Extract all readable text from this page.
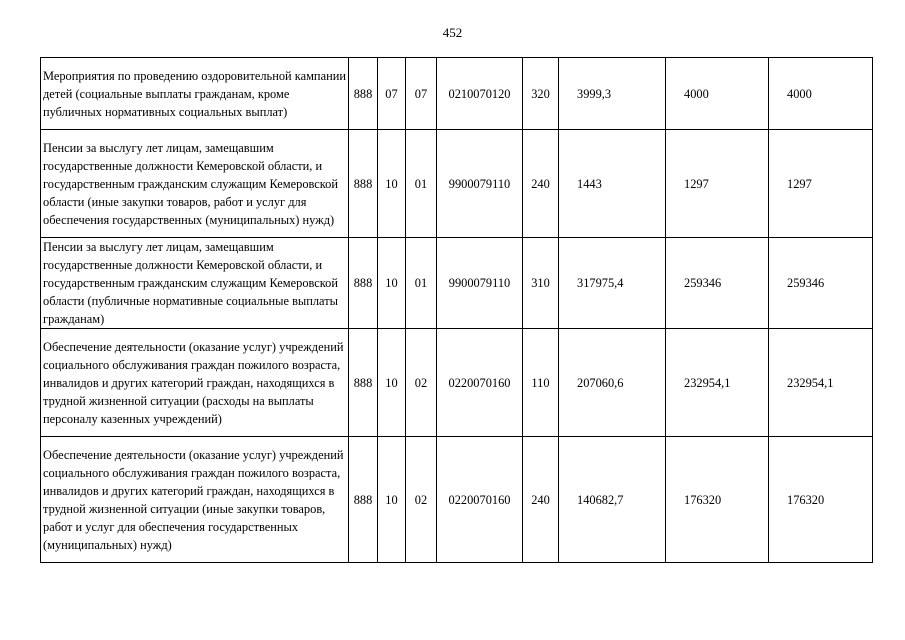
452
Мероприятия по проведению оздоровительной кампании детей (социальные выплаты гражданам, кроме публичных нормативных социальных выплат)	888	07	07	0210070120	320	3999,3	4000	4000
Пенсии за выслугу лет лицам, замещавшим государственные должности Кемеровской области, и государственным гражданским служащим Кемеровской области (иные закупки товаров, работ и услуг для обеспечения государственных (муниципальных) нужд)	888	10	01	9900079110	240	1443	1297	1297
Пенсии за выслугу лет лицам, замещавшим государственные должности Кемеровской области, и государственным гражданским служащим Кемеровской области (публичные нормативные социальные выплаты гражданам)	888	10	01	9900079110	310	317975,4	259346	259346
Обеспечение деятельности (оказание услуг) учреждений социального обслуживания граждан пожилого возраста, инвалидов и других категорий граждан, находящихся в трудной жизненной ситуации (расходы на выплаты персоналу казенных учреждений)	888	10	02	0220070160	110	207060,6	232954,1	232954,1
Обеспечение деятельности (оказание услуг) учреждений социального обслуживания граждан пожилого возраста, инвалидов и других категорий граждан, находящихся в трудной жизненной ситуации (иные закупки товаров, работ и услуг для обеспечения государственных (муниципальных) нужд)	888	10	02	0220070160	240	140682,7	176320	176320
